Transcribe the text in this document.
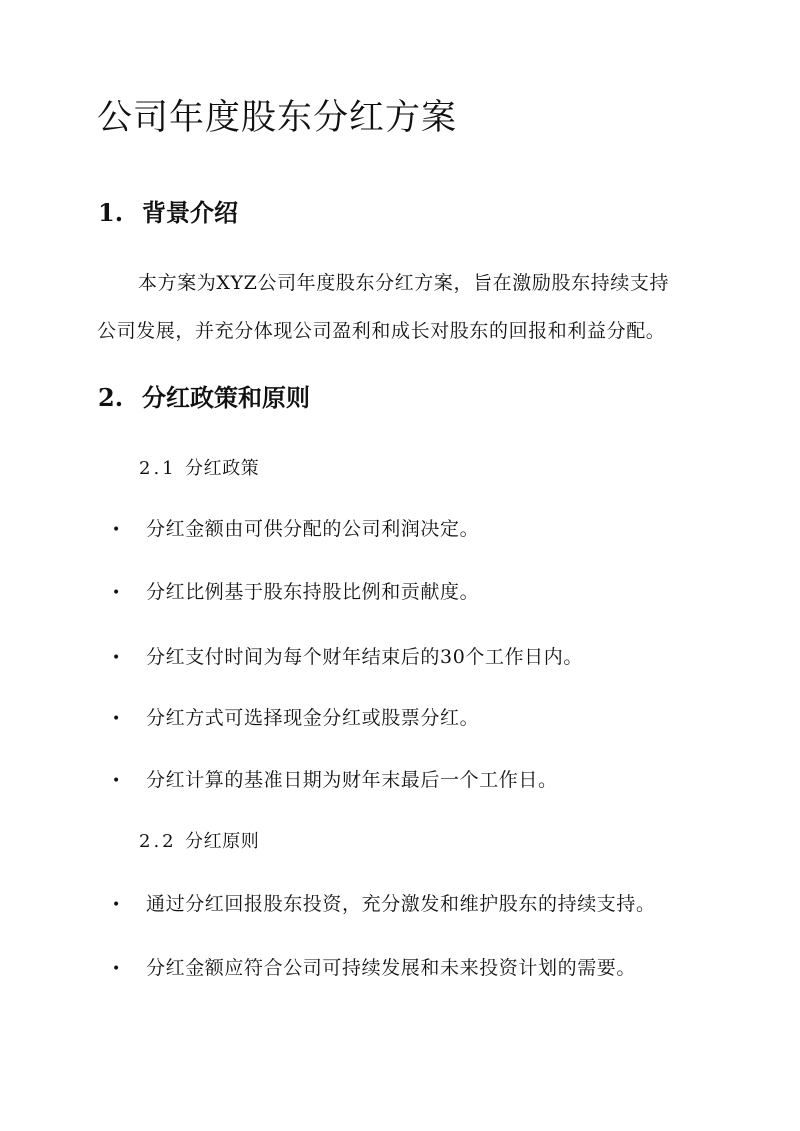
公司年度股东分红方案
1. 背景介绍
本方案为XYZ公司年度股东分红方案，旨在激励股东持续支持
公司发展，并充分体现公司盈利和成长对股东的回报和利益分配。
2. 分红政策和原则
2.1 分红政策
• 分红金额由可供分配的公司利润决定。
• 分红比例基于股东持股比例和贡献度。
• 分红支付时间为每个财年结束后的30个工作日内。
• 分红方式可选择现金分红或股票分红。
• 分红计算的基准日期为财年末最后一个工作日。
2.2 分红原则
• 通过分红回报股东投资，充分激发和维护股东的持续支持。
• 分红金额应符合公司可持续发展和未来投资计划的需要。
